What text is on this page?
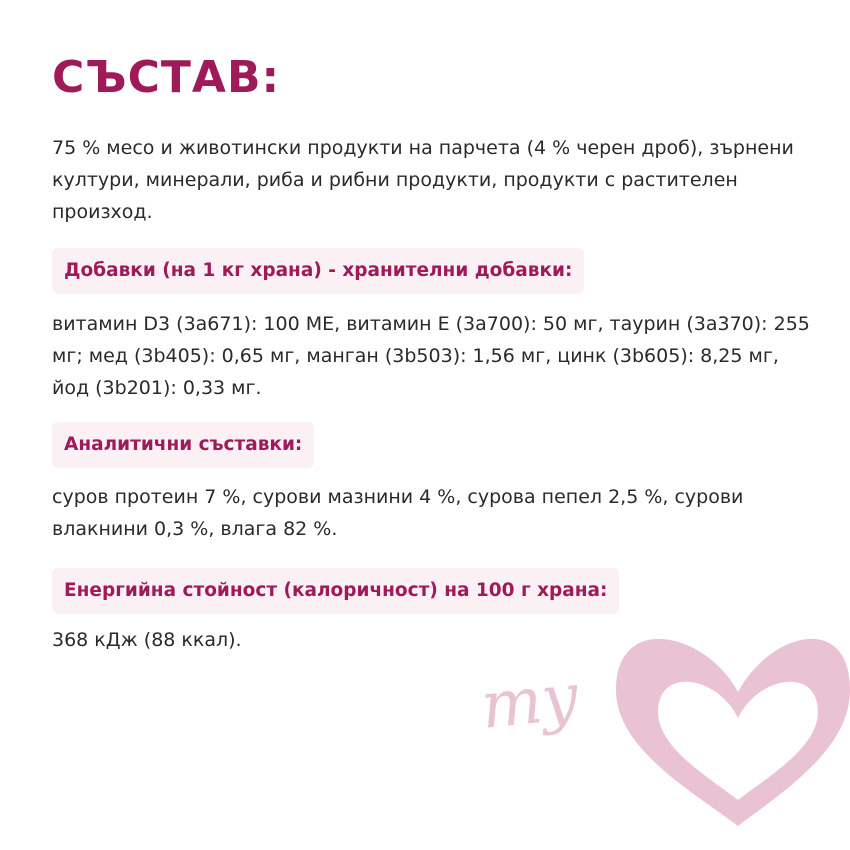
СЪСТАВ:

75 % месо и животински продукти на парчета (4 % черен дроб), зърнени култури, минерали, риба и рибни продукти, продукти с растителен произход.

Добавки (на 1 кг храна) - хранителни добавки:

витамин D3 (3a671): 100 МЕ, витамин Е (3a700): 50 мг, таурин (3a370): 255 мг; мед (3b405): 0,65 мг, манган (3b503): 1,56 мг, цинк (3b605): 8,25 мг, йод (3b201): 0,33 мг.

Аналитични съставки:

суров протеин 7 %, сурови мазнини 4 %, сурова пепел 2,5 %, сурови влакнини 0,3 %, влага 82 %.

Енергийна стойност (калоричност) на 100 г храна:

368 кДж (88 ккал).

my
